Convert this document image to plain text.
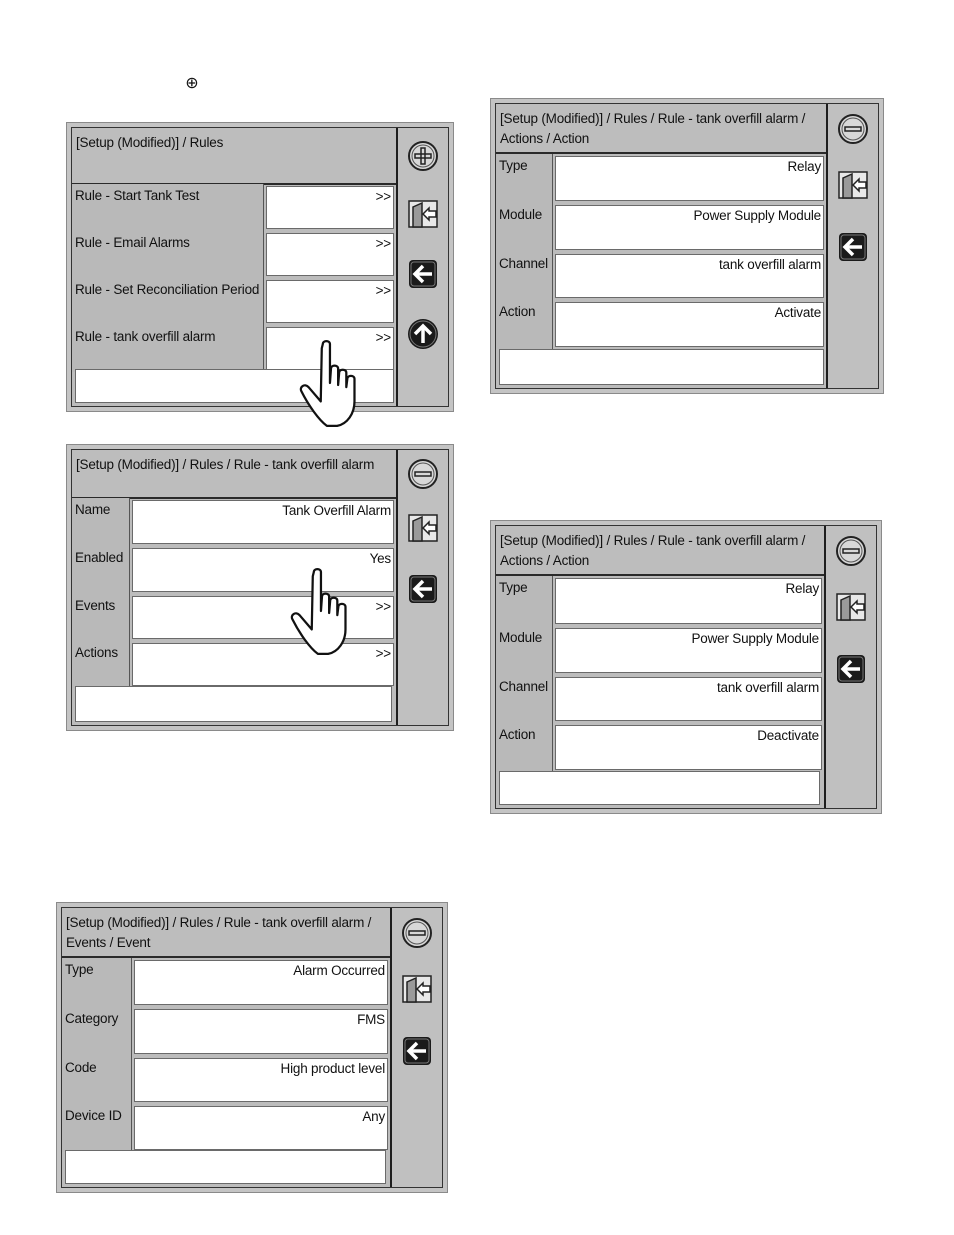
⊕
[Setup (Modified)] / Rules
Rule - Start Tank Test	>>
Rule - Email Alarms	>>
Rule - Set Reconciliation Period	>>
Rule - tank overfill alarm	>>
[Setup (Modified)] / Rules / Rule - tank overfill alarm
Name	Tank Overfill Alarm
Enabled	Yes
Events	>>
Actions	>>
[Setup (Modified)] / Rules / Rule - tank overfill alarm /
Events / Event
Type	Alarm Occurred
Category	FMS
Code	High product level
Device ID	Any
[Setup (Modified)] / Rules / Rule - tank overfill alarm /
Actions / Action
Type	Relay
Module	Power Supply Module
Channel	tank overfill alarm
Action	Activate
[Setup (Modified)] / Rules / Rule - tank overfill alarm /
Actions / Action
Type	Relay
Module	Power Supply Module
Channel	tank overfill alarm
Action	Deactivate
